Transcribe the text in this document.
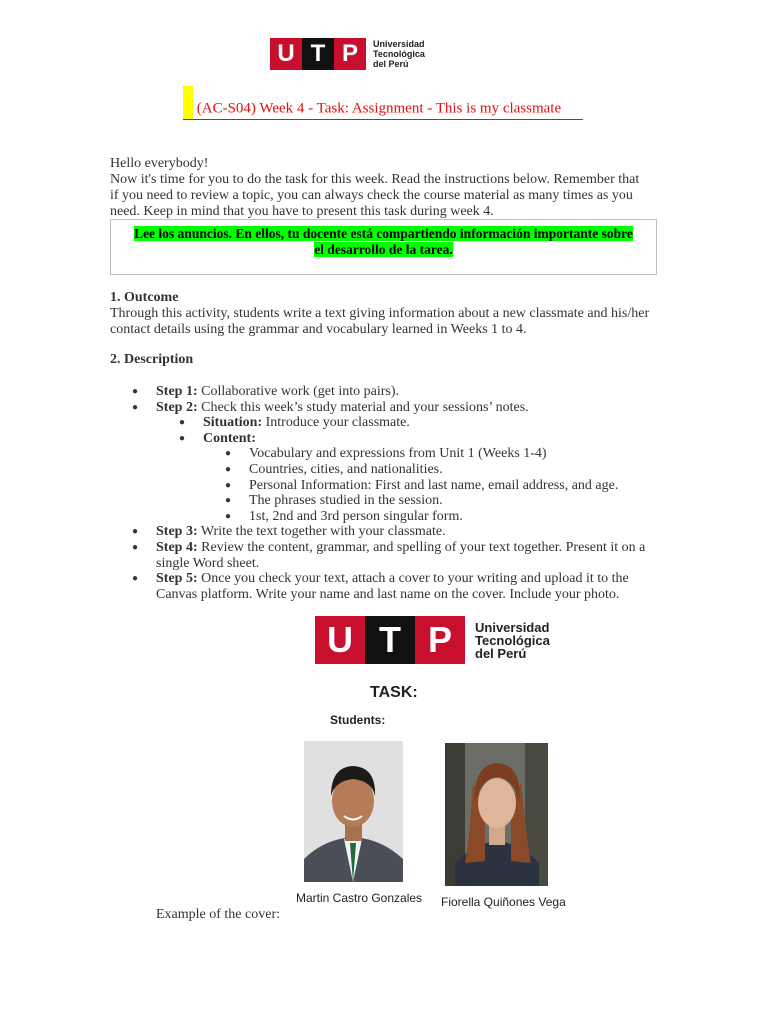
U T P	Universidad
Tecnológica
del Perú
(AC-S04) Week 4 - Task: Assignment - This is my classmate

Hello everybody!

Now it's time for you to do the task for this week. Read the instructions below. Remember that

if you need to review a topic, you can always check the course material as many times as you

need. Keep in mind that you have to present this task during week 4.

Lee los anuncios. En ellos, tu docente está compartiendo información importante sobre
el desarrollo de la tarea.
1. Outcome
Through this activity, students write a text giving information about a new classmate and his/her
contact details using the grammar and vocabulary learned in Weeks 1 to 4.
2. Description
● Step 1: Collaborative work (get into pairs).
● Step 2: Check this week’s study material and your sessions’ notes.
● Situation: Introduce your classmate.
● Content:
● Vocabulary and expressions from Unit 1 (Weeks 1-4)
● Countries, cities, and nationalities.
● Personal Information: First and last name, email address, and age.
● The phrases studied in the session.
● 1st, 2nd and 3rd person singular form.
● Step 3: Write the text together with your classmate.
● Step 4: Review the content, grammar, and spelling of your text together. Present it on a
single Word sheet.
● Step 5: Once you check your text, attach a cover to your writing and upload it to the
Canvas platform. Write your name and last name on the cover. Include your photo.
U T P	Universidad
Tecnológica
del Perú
TASK:
Students:
Martin Castro Gonzales Fiorella Quiñones Vega
Example of the cover:
